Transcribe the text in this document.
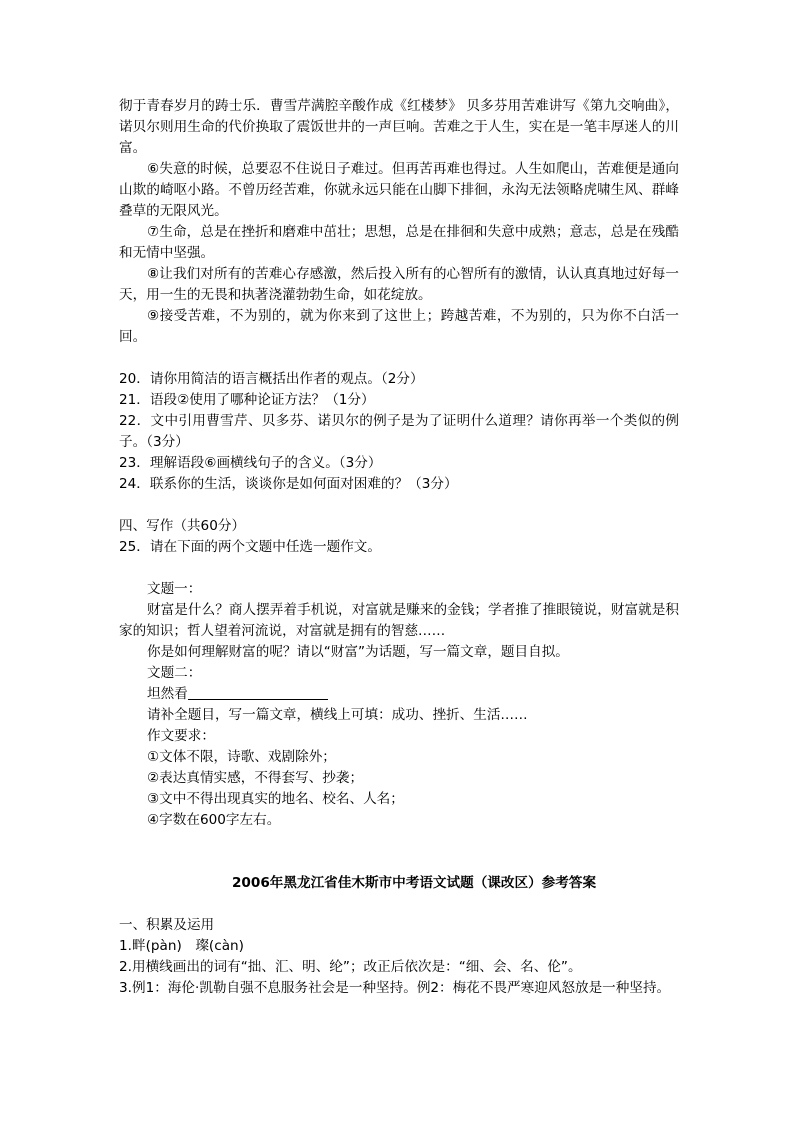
彻于青春岁月的踌士乐．曹雪芹满腔辛酸作成《红楼梦》 贝多芬用苦难讲写《第九交响曲》，诺贝尔则用生命的代价换取了震饭世井的一声巨响。苦难之于人生，实在是一笔丰厚迷人的川富。

⑥失意的时候，总要忍不住说日子难过。但再苦再难也得过。人生如爬山，苦难便是通向山欺的崎呕小路。不曾历经苦难，你就永远只能在山脚下排徊，永沟无法领略虎啸生风、群峰叠草的无限风光。

⑦生命，总是在挫折和磨难中茁壮；思想，总是在排徊和失意中成熟；意志，总是在残酷和无情中坚强。

⑧让我们对所有的苦难心存感激，然后投入所有的心智所有的激情，认认真真地过好每一天，用一生的无畏和执著浇灌勃勃生命，如花绽放。

⑨接受苦难，不为别的，就为你来到了这世上；跨越苦难，不为别的，只为你不白活一回。

20．请你用简洁的语言概括出作者的观点。（2分）

21．语段②使用了哪种论证方法？（1分）

22．文中引用曹雪芹、贝多芬、诺贝尔的例子是为了证明什么道理？请你再举一个类似的例子。（3分）

23．理解语段⑥画横线句子的含义。（3分）

24．联系你的生活，谈谈你是如何面对困难的？（3分）

四、写作（共60分）

25．请在下面的两个文题中任选一题作文。

文题一：

财富是什么？商人摆弄着手机说，对富就是赚来的金钱；学者推了推眼镜说，财富就是积家的知识；哲人望着河流说，对富就是拥有的智慈……

你是如何理解财富的呢？请以“财富”为话题，写一篇文章，题目自拟。

文题二：

坦然看

请补全题目，写一篇文章，横线上可填：成功、挫折、生活……

作文要求：

①文体不限，诗歌、戏剧除外；

②表达真情实感，不得套写、抄袭；

③文中不得出现真实的地名、校名、人名；

④字数在600字左右。

2006年黑龙江省佳木斯市中考语文试题（课改区）参考答案

一、积累及运用

1.畔(pàn)　璨(càn)

2.用横线画出的词有“拙、汇、明、纶”；改正后依次是：“细、会、名、伦”。

3.例1：海伦·凯勒自强不息服务社会是一种坚持。例2：梅花不畏严寒迎风怒放是一种坚持。
